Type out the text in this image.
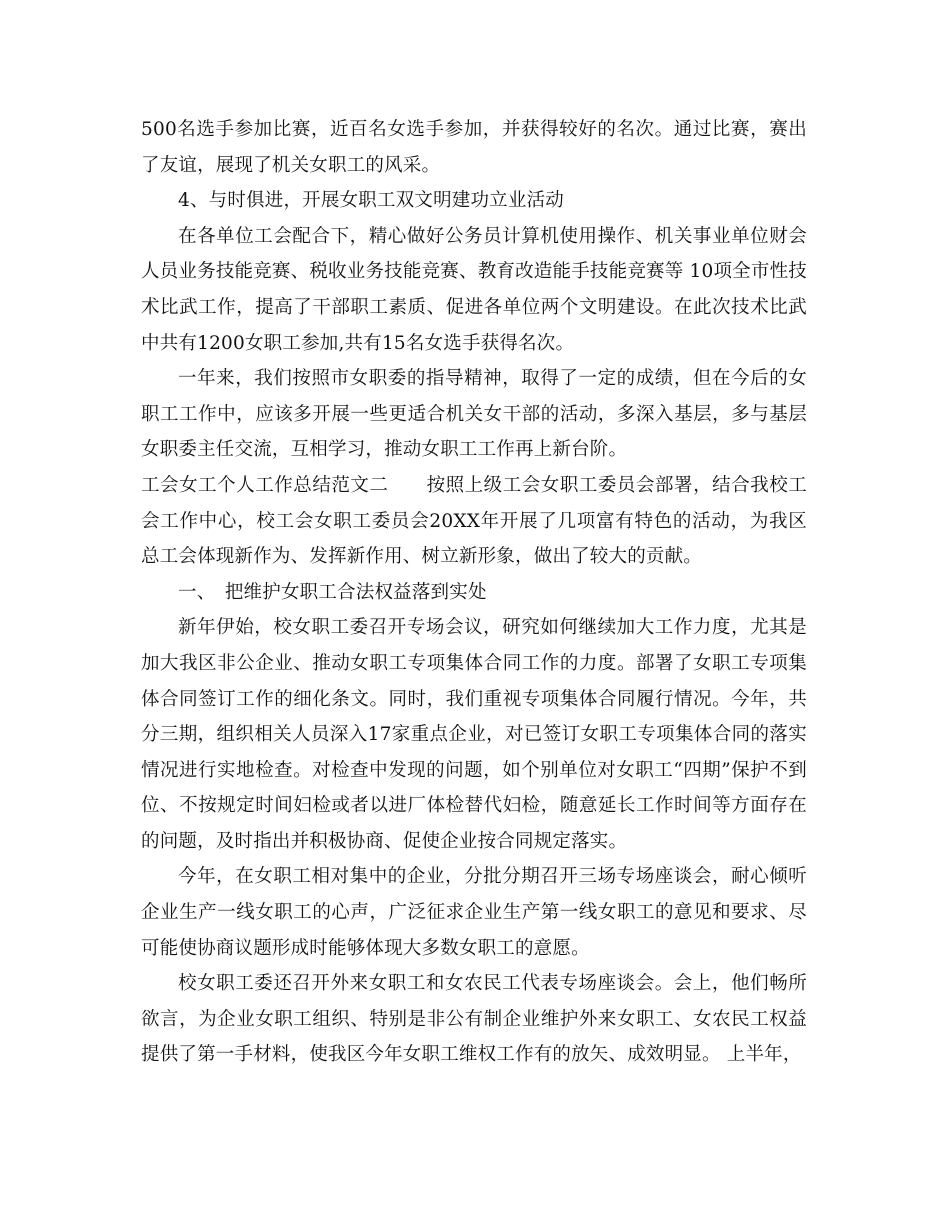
500名选手参加比赛，近百名女选手参加，并获得较好的名次。通过比赛，赛出了友谊，展现了机关女职工的风采。

4、与时俱进，开展女职工双文明建功立业活动

在各单位工会配合下，精心做好公务员计算机使用操作、机关事业单位财会人员业务技能竞赛、税收业务技能竞赛、教育改造能手技能竞赛等 10项全市性技术比武工作，提高了干部职工素质、促进各单位两个文明建设。在此次技术比武中共有1200女职工参加,共有15名女选手获得名次。

一年来，我们按照市女职委的指导精神，取得了一定的成绩，但在今后的女职工工作中，应该多开展一些更适合机关女干部的活动，多深入基层，多与基层女职委主任交流，互相学习，推动女职工工作再上新台阶。

工会女工个人工作总结范文二　　按照上级工会女职工委员会部署，结合我校工会工作中心，校工会女职工委员会20XX年开展了几项富有特色的活动，为我区总工会体现新作为、发挥新作用、树立新形象，做出了较大的贡献。

一、　把维护女职工合法权益落到实处

新年伊始，校女职工委召开专场会议，研究如何继续加大工作力度，尤其是加大我区非公企业、推动女职工专项集体合同工作的力度。部署了女职工专项集体合同签订工作的细化条文。同时，我们重视专项集体合同履行情况。今年，共分三期，组织相关人员深入17家重点企业，对已签订女职工专项集体合同的落实情况进行实地检查。对检查中发现的问题，如个别单位对女职工“四期”保护不到位、不按规定时间妇检或者以进厂体检替代妇检，随意延长工作时间等方面存在的问题，及时指出并积极协商、促使企业按合同规定落实。

今年，在女职工相对集中的企业，分批分期召开三场专场座谈会，耐心倾听企业生产一线女职工的心声，广泛征求企业生产第一线女职工的意见和要求、尽可能使协商议题形成时能够体现大多数女职工的意愿。

校女职工委还召开外来女职工和女农民工代表专场座谈会。会上，他们畅所欲言，为企业女职工组织、特别是非公有制企业维护外来女职工、女农民工权益提供了第一手材料，使我区今年女职工维权工作有的放矢、成效明显。 上半年，
